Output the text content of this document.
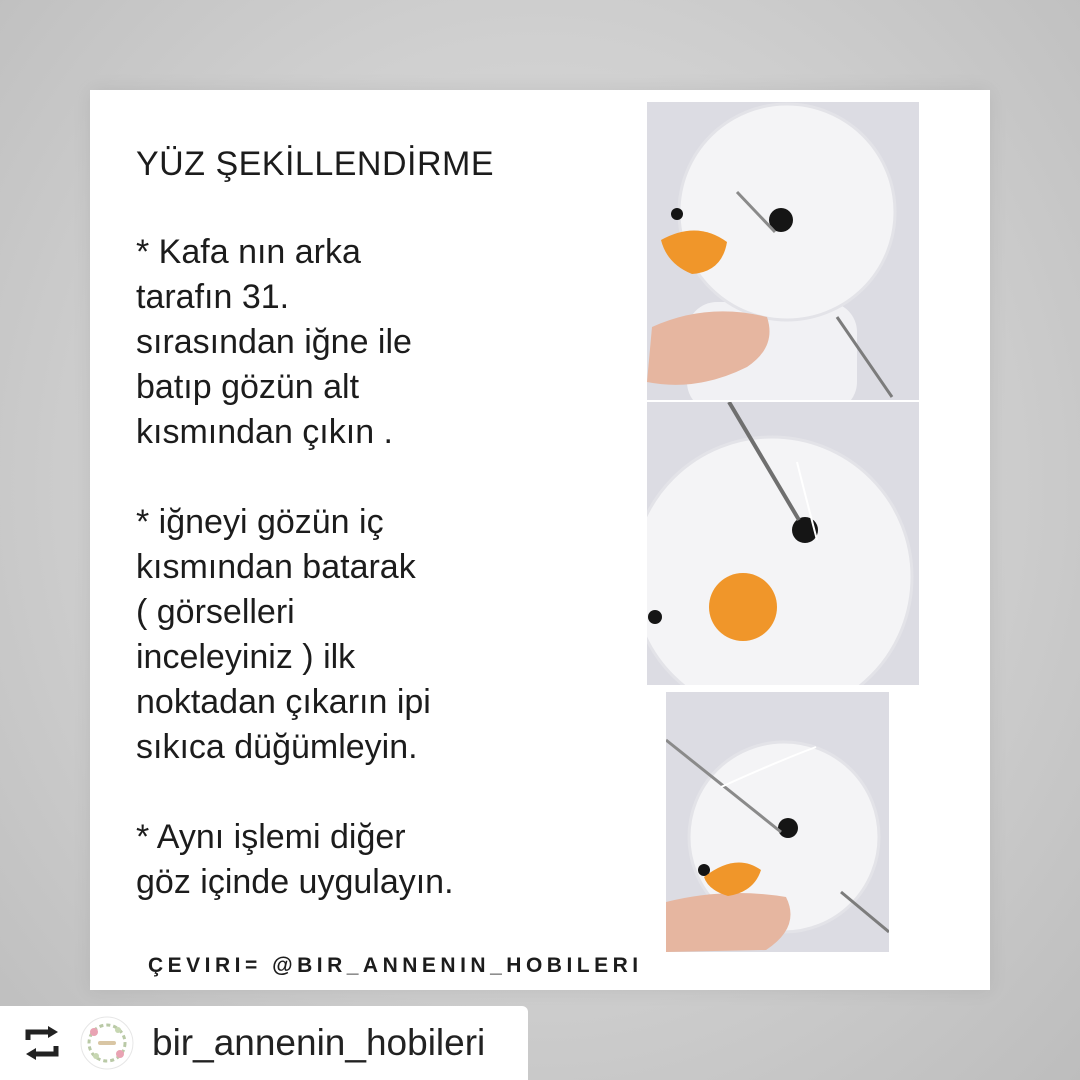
YÜZ ŞEKİLLENDİRME

* Kafa nın arka
tarafın 31.
sırasından iğne ile
batıp gözün alt
kısmından çıkın .

* iğneyi gözün iç
kısmından batarak
( görselleri
inceleyiniz ) ilk
noktadan çıkarın ipi
sıkıca düğümleyin.

* Aynı işlemi diğer
göz içinde uygulayın.

ÇEVIRI= @BIR_ANNENIN_HOBILERI
bir_annenin_hobileri
